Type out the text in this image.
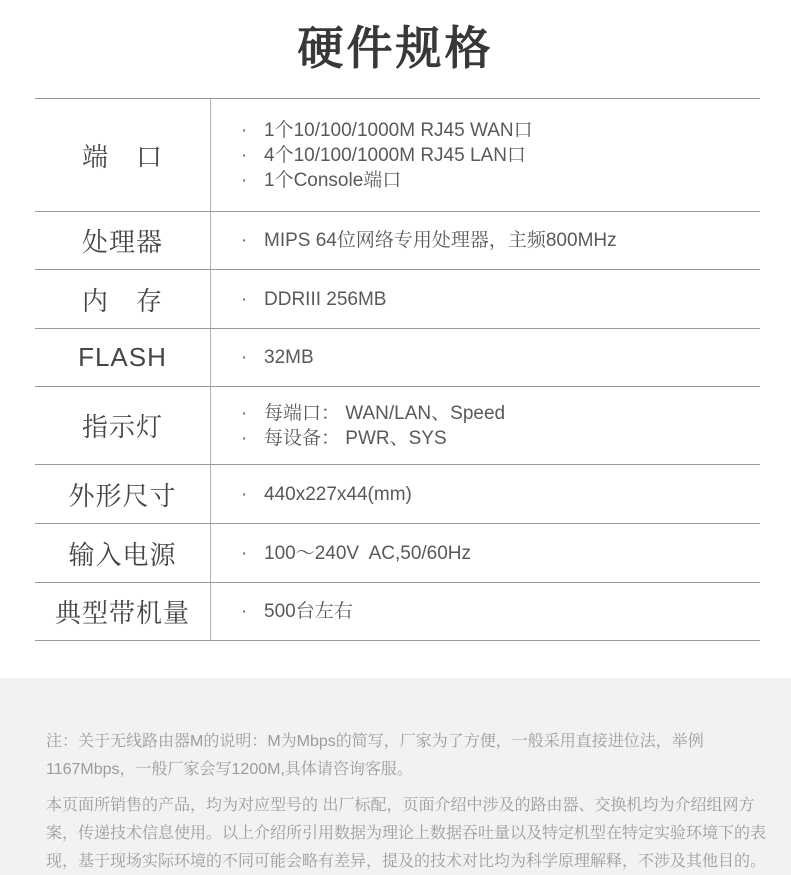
硬件规格
端　口
· 1个10/100/1000M RJ45 WAN口
· 4个10/100/1000M RJ45 LAN口
· 1个Console端口
处理器	· MIPS 64位网络专用处理器，主频800MHz
内　存	· DDRIII 256MB
FLASH	· 32MB
指示灯	· 每端口： WAN/LAN、Speed
· 每设备： PWR、SYS
外形尺寸	· 440x227x44(mm)
输入电源	· 100～240V  AC,50/60Hz
典型带机量	· 500台左右

注：关于无线路由器M的说明：M为Mbps的简写，厂家为了方便，一般采用直接进位法，举例1167Mbps，一般厂家会写1200M,具体请咨询客服。

本页面所销售的产品，均为对应型号的 出厂标配，页面介绍中涉及的路由器、交换机均为介绍组网方案，传递技术信息使用。以上介绍所引用数据为理论上数据吞吐量以及特定机型在特定实验环境下的表现，基于现场实际环境的不同可能会略有差异，提及的技术对比均为科学原理解释，不涉及其他目的。
